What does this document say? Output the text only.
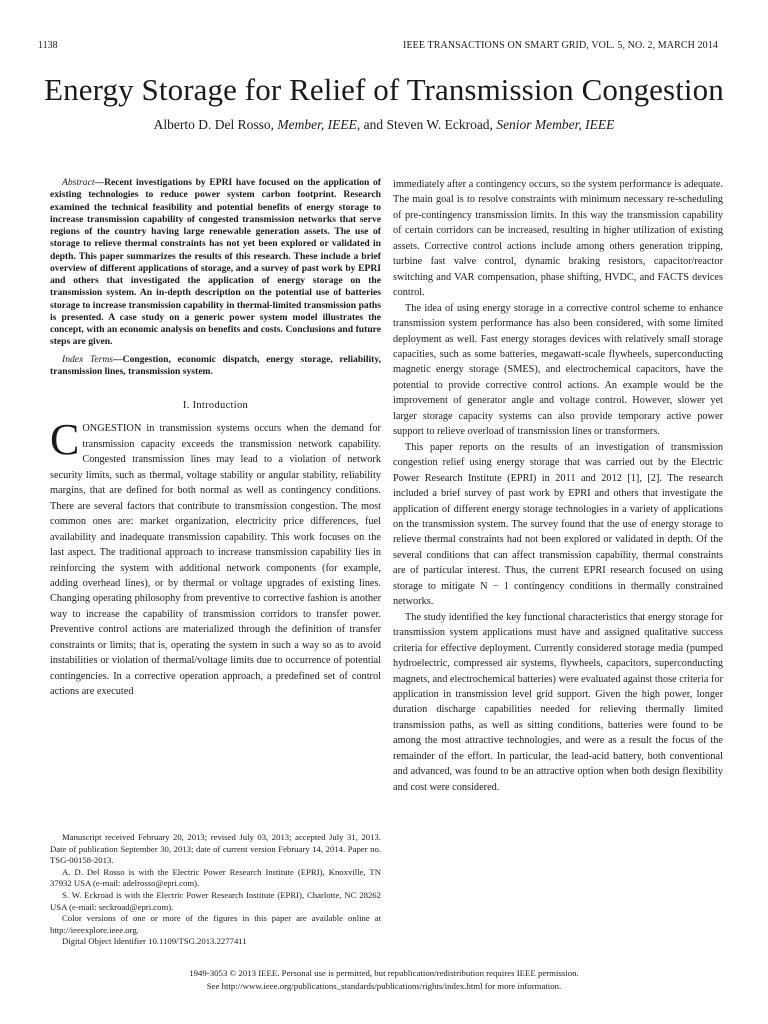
1138	IEEE TRANSACTIONS ON SMART GRID, VOL. 5, NO. 2, MARCH 2014
Energy Storage for Relief of Transmission Congestion
Alberto D. Del Rosso, Member, IEEE, and Steven W. Eckroad, Senior Member, IEEE

Abstract—Recent investigations by EPRI have focused on the application of existing technologies to reduce power system carbon footprint. Research examined the technical feasibility and potential benefits of energy storage to increase transmission capability of congested transmission networks that serve regions of the country having large renewable generation assets. The use of storage to relieve thermal constraints has not yet been explored or validated in depth. This paper summarizes the results of this research. These include a brief overview of different applications of storage, and a survey of past work by EPRI and others that investigated the application of energy storage on the transmission system. An in-depth description on the potential use of batteries storage to increase transmission capability in thermal-limited transmission paths is presented. A case study on a generic power system model illustrates the concept, with an economic analysis on benefits and costs. Conclusions and future steps are given.

Index Terms—Congestion, economic dispatch, energy storage, reliability, transmission lines, transmission system.

I. Introduction

CONGESTION in transmission systems occurs when the demand for transmission capacity exceeds the transmission network capability. Congested transmission lines may lead to a violation of network security limits, such as thermal, voltage stability or angular stability, reliability margins, that are defined for both normal as well as contingency conditions. There are several factors that contribute to transmission congestion. The most common ones are: market organization, electricity price differences, fuel availability and inadequate transmission capability. This work focuses on the last aspect. The traditional approach to increase transmission capability lies in reinforcing the system with additional network components (for example, adding overhead lines), or by thermal or voltage upgrades of existing lines. Changing operating philosophy from preventive to corrective fashion is another way to increase the capability of transmission corridors to transfer power. Preventive control actions are materialized through the definition of transfer constraints or limits; that is, operating the system in such a way so as to avoid instabilities or violation of thermal/voltage limits due to occurrence of potential contingencies. In a corrective operation approach, a predefined set of control actions are executed

Manuscript received February 20, 2013; revised July 03, 2013; accepted July 31, 2013. Date of publication September 30, 2013; date of current version February 14, 2014. Paper no. TSG-00158-2013.

A. D. Del Rosso is with the Electric Power Research Institute (EPRI), Knoxville, TN 37932 USA (e-mail: adelrosso@epri.com).

S. W. Eckroad is with the Electric Power Research Institute (EPRI), Charlotte, NC 28262 USA (e-mail: seckroad@epri.com).

Color versions of one or more of the figures in this paper are available online at http://ieeexplore.ieee.org.

Digital Object Identifier 10.1109/TSG.2013.2277411

immediately after a contingency occurs, so the system performance is adequate. The main goal is to resolve constraints with minimum necessary re-scheduling of pre-contingency transmission limits. In this way the transmission capability of certain corridors can be increased, resulting in higher utilization of existing assets. Corrective control actions include among others generation tripping, turbine fast valve control, dynamic braking resistors, capacitor/reactor switching and VAR compensation, phase shifting, HVDC, and FACTS devices control.

The idea of using energy storage in a corrective control scheme to enhance transmission system performance has also been considered, with some limited deployment as well. Fast energy storages devices with relatively small storage capacities, such as some batteries, megawatt-scale flywheels, superconducting magnetic energy storage (SMES), and electrochemical capacitors, have the potential to provide corrective control actions. An example would be the improvement of generator angle and voltage control. However, slower yet larger storage capacity systems can also provide temporary active power support to relieve overload of transmission lines or transformers.

This paper reports on the results of an investigation of transmission congestion relief using energy storage that was carried out by the Electric Power Research Institute (EPRI) in 2011 and 2012 [1], [2]. The research included a brief survey of past work by EPRI and others that investigate the application of different energy storage technologies in a variety of applications on the transmission system. The survey found that the use of energy storage to relieve thermal constraints had not been explored or validated in depth. Of the several conditions that can affect transmission capability, thermal constraints are of particular interest. Thus, the current EPRI research focused on using storage to mitigate N − 1 contingency conditions in thermally constrained networks.

The study identified the key functional characteristics that energy storage for transmission system applications must have and assigned qualitative success criteria for effective deployment. Currently considered storage media (pumped hydroelectric, compressed air systems, flywheels, capacitors, superconducting magnets, and electrochemical batteries) were evaluated against those criteria for application in transmission level grid support. Given the high power, longer duration discharge capabilities needed for relieving thermally limited transmission paths, as well as sitting conditions, batteries were found to be among the most attractive technologies, and were as a result the focus of the remainder of the effort. In particular, the lead-acid battery, both conventional and advanced, was found to be an attractive option when both design flexibility and cost were considered.

1949-3053 © 2013 IEEE. Personal use is permitted, but republication/redistribution requires IEEE permission.
See http://www.ieee.org/publications_standards/publications/rights/index.html for more information.
